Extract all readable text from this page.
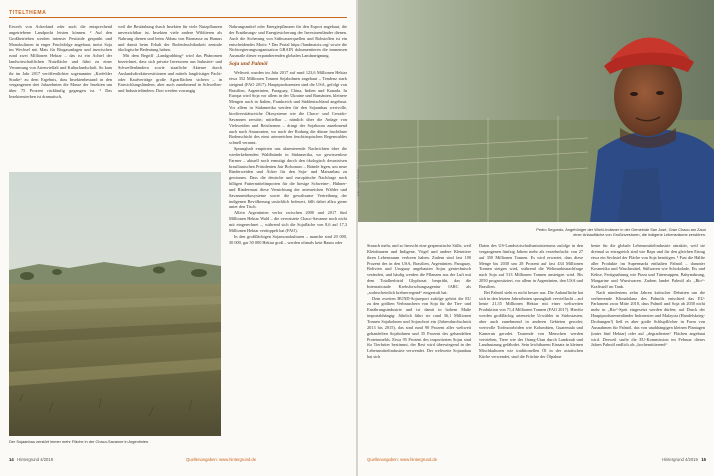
TITELTHEMA

Erwerb von Ackerland oder auch die entsprechend angetriebene Landpacht leisten können. ² Auf den Großbetrieben werden intensiv Pestizide gesprüht und Monokulturen in enger Fruchtfolge angebaut, meist Soja im Wechsel mit Mais für Biogasanlagen und inzwischen rund zwei Millionen Hektar – das ist ein Achtel der landwirtschaftlichen Nutzfläche und führt zu einer Verarmung von Artenvielfalt und Kulturlandschaft. So kam ihr im Jahr 2017 veröffentlichter sogenannter „Krefelder Studie“ zu dem Ergebnis, dass Insektenbestand in den vergangenen drei Jahrzehnten die Masse der Insekten um über 75 Prozent rückläufig gegangen ist. ³ Das Insektensterben ist dramatisch,

weil die Bestäubung durch Insekten für viele Nutzpflanzen unverzichtbar ist, Insekten viele andere Wildtieren als Nahrung dienen und beim Abbau von Biomasse zu Humus und damit beim Erhalt der Bodenfruchtbarkeit zentrale ökologische Bedeutung haben.

Mit dem Begriff „Landgrabbing“ wird das Phänomen bezeichnet, dass sich private Investoren aus Industrie- und Schwellenländern sowie staatliche Akteure durch Auslandsdirektinvestitionen und mittels langfristiger Pacht- oder Kaufverträge große Agrarflächen sichern – in Entwicklungsländern, aber auch zunehmend in Schwellen- und Industrieländern. Dort werden vorrangig

Nahrungsmittel oder Energiepflanzen für den Export angebaut, die der Ernährungs- und Energiesicherung der Investorenländer dienen. Auch die Sicherung von Süßwasserquellen und Rohstoffen ist ein entscheidendes Motiv. ⁴ Das Portal https://landmatrix.org/ sowie die Nichtregierungsorganisation GRAIN dokumentieren die immensen Ausmaße dieser expandierenden globalen Landaneignung.

Soja und Palmöl

Weltweit wurden im Jahr 2017 auf rund 123,6 Millionen Hektar etwa 352 Millionen Tonnen Sojabohnen angebaut – Tendenz stark steigend (FAO 2017). Hauptproduzenten sind die USA, gefolgt von Brasilien, Argentinien, Paraguay, China, Indien und Kanada. In Europa wird Soja vor allem in der Ukraine und Rumänien, kleinere Mengen auch in Italien, Frankreich und Süddeutschland angebaut. Vor allem in Südamerika werden für den Sojaanbau wertvolle, biodiversitätsreiche Ökosysteme wie die Chaco- und Cerrado-Savannen zerstört; mittelbar – nämlich über die Anlage von Viehweiden und Reisfarmen – dringt der Sojaboom zunehmend auch nach Amazonien, wo nach der Rodung die dünne fruchtbare Bodenschicht des einst artenreichen feuchttropischen Regenwaldes schnell verarmt.

Sprunghaft empörten uns alarmierende Nachrichten über die wiederkehrenden Waldbrände in Südamerika, wo gewissenlose Farmer – aktuell noch ermutigt durch den ökologisch desaströsen brasilianischen Präsidenten Jair Bolsonaro – Brände legen, um neue Rinderweiden und Äcker für den Soja- und Maisanbau zu gewinnen. Dass die deutsche und europäische Nachfrage nach billigen Futtermittelimporten für die hiesige Schweine-, Hühner- und Rindermast diese Vernichtung der artenreichen Wälder und Savannenökosysteme sowie die gewaltsame Vertreibung der indigenen Bevölkerung ursächlich befeuert, fällt dabei allzu gerne unter den Tisch.

Allein Argentinien verlor zwischen 2000 und 2017 fünf Millionen Hektar Wald – die verwüstete Chaco-Savanne noch nicht mit eingerechnet –, während sich die Sojafläche von 8,6 auf 17,3 Millionen Hektar verdoppelt hat (FAO).

In den großflächigen Sojamonokulturen – manche sind 20 000, 30 000, gar 50 000 Hektar groß – werden oftmals kein Baum oder

Der Sojaanbau zerstört immer mehr Fläche in der Chaco-Savanne in Argentinien.
14 Hintergrund 4/2019	Quellenangaben: www.hintergrund.de
Foto: Laurin Schmid
Pedro Segundo, Angehöriger der Wichí-Indianer in der Gemeinde San José, Gran Chaco am Zaun einer Anbaufläche von Großinvestoren, die indigene Lebensräume zerstören.

Strauch mehr, und so herrscht eine gespenstische Stille, weil Kleinbauern und Indigene, Vögel und andere Kleintiere ihren Lebensraum verloren haben. Zudem sind fast 100 Prozent des in den USA, Brasilien, Argentinien, Paraguay, Bolivien und Uruguay angebauten Sojas gentechnisch verändert, und häufig werden die Pflanzen aus der Luft mit dem Totalherbizid Glyphosat besprüht, das die Internationale Krebsforschungsagentur IARC als „wahrscheinlich krebserregend“ eingestuft hat.

Dem zweiten BUND-Sojareport zufolge gehört die EU zu den größten Verbrauchern von Soja für die Tier- und Ernährungsindustrie und ist damit in hohem Maße importabhängig: Jährlich führt sie rund 36,1 Millionen Tonnen Sojabohnen und Sojaschrot ein (Jahresdurchschnitt 2013 bis 2015), das sind rund 90 Prozent aller weltweit gehandelten Sojabohnen und 35 Prozent des gehandelten Proteinmehls. Etwa 95 Prozent des importierten Sojas sind für Tierfutter bestimmt, der Rest wird überwiegend in der Lebensmittelindustrie verwendet. Der weltweite Sojaanbau hat sich

Daten des US-Landwirtschaftsministeriums zufolge in den vergangenen fünfzig Jahren mehr als verzehnfacht: von 27 auf 350 Millionen Tonnen. Es wird erwartet, dass diese Menge bis 2030 um 28 Prozent auf fast 434 Millionen Tonnen steigen wird, während die Weltmarktsnachfrage nach Soja auf 513 Millionen Tonnen ansteigen wird. Bis 2050 prognostiziert, vor allem in Argentinien, den USA und Brasilien.

Bei Palmöl sieht es nicht besser aus. Die Anbaufläche hat sich in den letzten Jahrzehnten sprunghaft vervielfacht – auf heute 21,35 Millionen Hektar mit einer weltweiten Produktion von 71,4 Millionen Tonnen (FAO 2017). Hierfür werden großflächig artenreiche Urwälder in Südostasien, aber auch zunehmend in anderen Gebieten gerodet; wertvolle Torfmoorböden wie Kolumbien, Guatemala und Kamerun gerodet. Tausende von Menschen werden vertrieben, Tiere wie der Orang-Utan durch Landraub und Landnutzung gefährdet. Sein leichtbarem Einsatz in kleinen Mischkulturen wie traditionellen Öl in der asiatischen Küche verwendet, sind die Früchte der Ölpalme

heute für die globale Lebensmittelindustrie attraktiv, weil sie dreimal so ertragreich sind wie Raps und für den gleichen Ertrag etwa ein Sechstel der Fläche von Soja benötigen. ⁵ Fast die Hälfte aller Produkte im Supermarkt enthalten Palmöl – darunter Kosmetika und Waschmittel, Süßwaren wie Schokolade, Eis und Kekse, Fertignahrung wie Pizza und Tütensuppen, Babynahrung, Margarine und Wurstwaren. Zudem landet Palmöl als „Bio“-Kraftstoff im Tank.

Nach mindestens zehn Jahren kritischer Debatten um die verheerende Klimabilanz des Palmöls entschied das EU-Parlament zwar Mitte 2018, dass Palmöl und Soja ab 2030 nicht mehr in „Bio“-Sprit eingesetzt werden dürfen; auf Druck der Hauptproduzentenländer Indonesien und Malaysia (Handelskrieg-Drohungen!) ließ es aber große Schlupflöcher in Form von Ausnahmen für Palmöl, das von unabhängigen kleinen Plantagen (unter fünf Hektar) oder auf „degradierten“ Flächen angebaut wird. Derweil stufte die EU-Kommission im Februar dieses Jahres Palmöl endlich als „hochemittierend“

Quellenangaben: www.hintergrund.de	Hintergrund 4/2019 15
